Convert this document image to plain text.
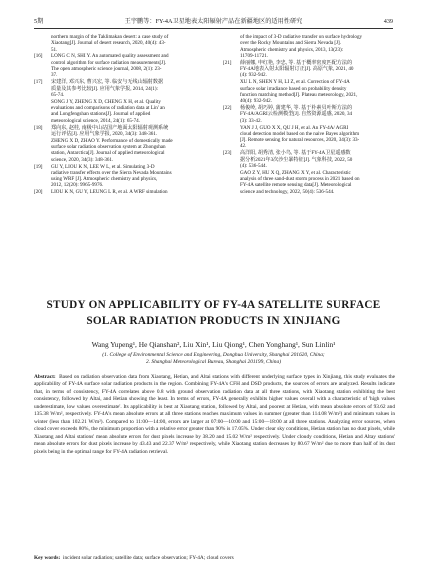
5期	王宇鹏等：FY-4A卫星地表太阳辐射产品在新疆地区的适用性研究	439
northern margin of the Taklimakan desert: a case study of
Xiaotang[J]. Journal of desert research, 2020, 40(4): 43-
51.
[16] LONG C N, SHI Y. An automated quality assessment and
control algorithm for surface radiation measurements[J].
The open atmospheric science journal, 2008, 2(1): 23-
37.
[17] 宋建洋, 邓兴东, 曹兴宏, 等. 临安与无线山辐射数据
质量及其参考比较[J]. 应用气象学报, 2014, 24(1):
65-74.
SONG J Y, ZHENG X D, CHENG X H, et al. Quality
evaluations and comparisons of radiation data at Lin' an
and Longfengshan stations[J]. Journal of applied
meteorological science, 2014, 24(1): 65-74.
[18] 郑向东, 赵桂, 南极中山站国产地面太阳辐射观测系统
运行评估[J]. 应用气象学报, 2020, 34(3): 348-361.
ZHENG X D, ZHAO Y. Performance of domestically made
surface solar radiation observation system at Zhongshan
station, Antarctica[J]. Journal of applied meteorological
science, 2020, 34(3): 348-361.
[19] GU Y, LIOU K N, LEE W L, et al. Simulating 3-D
radiative transfer effects over the Sierra Nevada Mountains
using WRF [J]. Atmospheric chemistry and physics,
2012, 12(20): 9965-9976.
[20] LIOU K N, GU Y, LEUNG L R, et al. A WRF simulation
of the impact of 3-D radiative transfer on surface hydrology
over the Rocky Mountains and Sierra Nevada [J].
Atmospheric chemistry and physics, 2013, 13(23):
11709-11721.
[21] 薛丽娜, 申红艳, 李忠, 等. 基于概率密度匹配方法的
FY-4A地表入射太阳辐射订正[J]. 高原气象, 2021, 40
(4): 932-942.
XU L N, SHEN Y H, LI Z, et al. Correction of FY-4A
surface solar irradiance based on probability density
function matching method[J]. Plateau meteorology, 2021,
40(4): 932-942.
[22] 杨俊岭, 胡巧婷, 蒲建华, 等. 基于朴素贝叶斯方法的
FY-4A/AGRI云检测模型[J]. 自然资源遥感, 2020, 34
(3): 33-42.
YAN J J, GUO X X, QU J H, et al. An FY-4A/ AGRI
cloud detection model based on the naive Bayes algorithm
[J]. Remote sensing for natural resources, 2020, 34(3): 33-
42.
[23] 高洋阳, 胡秀清, 张小鸟, 等. 基于FY-4A卫星遥感数
据分析2021年3次沙尘暴特征[J]. 气象科技, 2022, 50
(4): 536-544.
GAO Z Y, HU X Q, ZHANG X Y, et al. Characteristic
analysis of three sand-dust storm process in 2021 based on
FY-4A satellite remote sensing data[J]. Meteorological
science and technology, 2022, 50(4): 536-544.
STUDY ON APPLICABILITY OF FY-4A SATELLITE SURFACE
SOLAR RADIATION PRODUCTS IN XINJIANG
Wang Yupeng¹, He Qianshan², Liu Xin¹, Liu Qiong¹, Chen Yonghang¹, Sun Linlin¹
(1. College of Environmental Science and Engineering, Donghua University, Shanghai 201620, China;
2. Shanghai Meteorological Bureau, Shanghai 201199, China)
Abstract: Based on radiation observation data from Xiaotang, Hetian, and Altai stations with different underlying surface types in Xinjiang, this study evaluates the applicability of FY-4A surface solar radiation products in the region. Combining FY-4A's CFH and DSD products, the sources of errors are analyzed. Results indicate that, in terms of consistency, FY-4A correlates above 0.8 with ground observation radiation data at all three stations, with Xiaotang station exhibiting the best consistency, followed by Altai, and Hetian showing the least. In terms of errors, FY-4A generally exhibits higher values overall with a characteristic of 'high values underestimate, low values overestimate'. Its applicability is best at Xiaotang station, followed by Altai, and poorest at Hetian, with mean absolute errors of 93.62 and 135.38 W/m², respectively. FY-4A's mean absolute errors at all three stations reaches maximum values in summer (greater than 114.08 W/m²) and minimum values in winter (less than 102.21 W/m²). Compared to 11:00—14:00, errors are larger at 07:00—10:00 and 15:00—18:00 at all three stations. Analyzing error sources, when cloud cover exceeds 80%, the minimum proportion with a relative error greater than 90% is 17.05%. Under clear sky conditions, Hetian station has no dust pixels, while Xiaotang and Altai stations' mean absolute errors for dust pixels increase by 38.20 and 15.02 W/m² respectively. Under cloudy conditions, Hetian and Altay stations' mean absolute errors for dust pixels increase by 43.43 and 22.37 W/m² respectively, while Xiaotang station decreases by 80.67 W/m² due to more than half of its dust pixels being in the optimal range for FY-4A radiation retrieval.
Key words: incident solar radiation; satellite data; surface observation; FY-4A; cloud covers
